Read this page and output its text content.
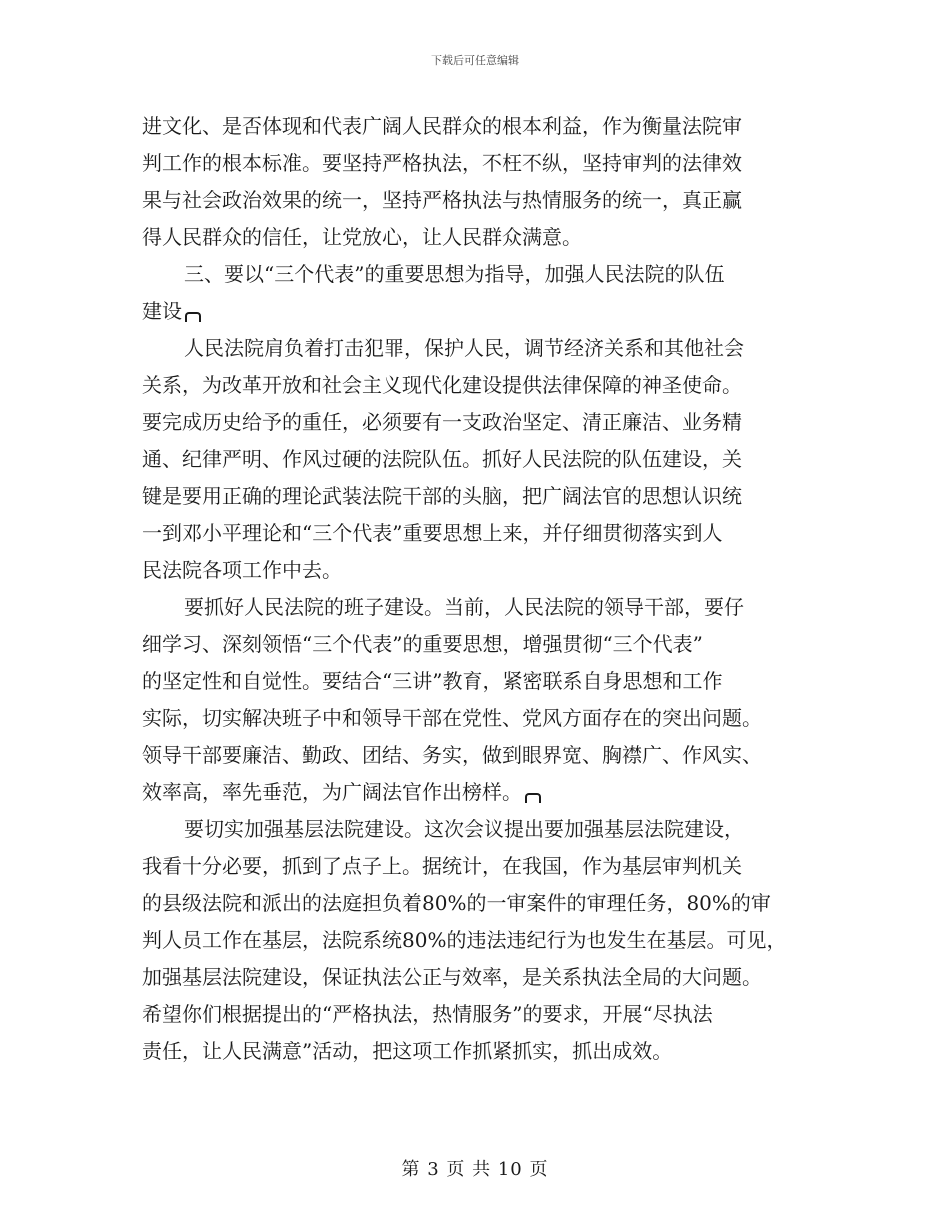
下载后可任意编辑
进文化、是否体现和代表广阔人民群众的根本利益，作为衡量法院审
判工作的根本标准。要坚持严格执法，不枉不纵，坚持审判的法律效
果与社会政治效果的统一，坚持严格执法与热情服务的统一，真正赢
得人民群众的信任，让党放心，让人民群众满意。
三、要以“三个代表”的重要思想为指导，加强人民法院的队伍
建设
人民法院肩负着打击犯罪，保护人民，调节经济关系和其他社会
关系，为改革开放和社会主义现代化建设提供法律保障的神圣使命。
要完成历史给予的重任，必须要有一支政治坚定、清正廉洁、业务精
通、纪律严明、作风过硬的法院队伍。抓好人民法院的队伍建设，关
键是要用正确的理论武装法院干部的头脑，把广阔法官的思想认识统
一到邓小平理论和“三个代表”重要思想上来，并仔细贯彻落实到人
民法院各项工作中去。
要抓好人民法院的班子建设。当前，人民法院的领导干部，要仔
细学习、深刻领悟“三个代表”的重要思想，增强贯彻“三个代表”
的坚定性和自觉性。要结合“三讲”教育，紧密联系自身思想和工作
实际，切实解决班子中和领导干部在党性、党风方面存在的突出问题。
领导干部要廉洁、勤政、团结、务实，做到眼界宽、胸襟广、作风实、
效率高，率先垂范，为广阔法官作出榜样。
要切实加强基层法院建设。这次会议提出要加强基层法院建设，
我看十分必要，抓到了点子上。据统计，在我国，作为基层审判机关
的县级法院和派出的法庭担负着80%的一审案件的审理任务，80%的审
判人员工作在基层，法院系统80%的违法违纪行为也发生在基层。可见，
加强基层法院建设，保证执法公正与效率，是关系执法全局的大问题。
希望你们根据提出的“严格执法，热情服务”的要求，开展“尽执法
责任，让人民满意”活动，把这项工作抓紧抓实，抓出成效。
第 3 页 共 10 页
